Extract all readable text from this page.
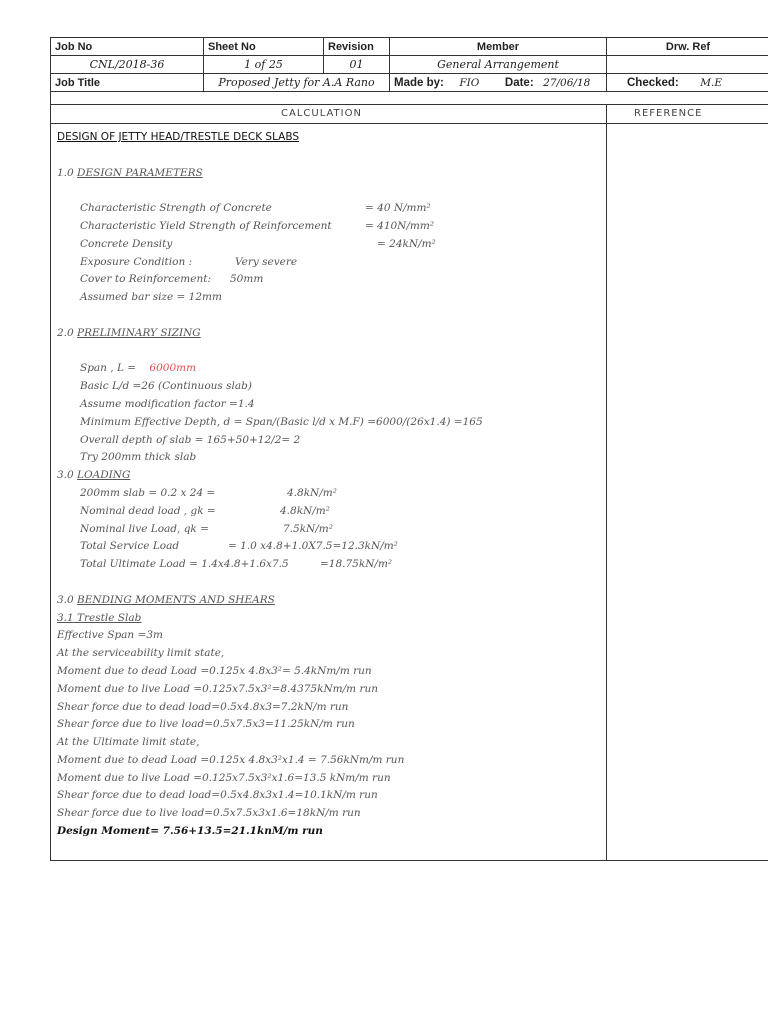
Job No	Sheet No	Revision	Member	Drw. Ref
CNL/2018-36	1 of 25	01	General Arrangement	
Job Title	Proposed Jetty for A.A Rano		Made by: FIO Date: 27/06/18	Checked: M.E
CALCULATION	REFERENCE
DESIGN OF JETTY HEAD/TRESTLE DECK SLABS
1.0 DESIGN PARAMETERS
Characteristic Strength of Concrete	= 40 N/mm²
Characteristic Yield Strength of Reinforcement	= 410N/mm²
Concrete Density	= 24kN/m²
Exposure Condition :	Very severe
Cover to Reinforcement: 50mm
Assumed bar size = 12mm
2.0 PRELIMINARY SIZING
Span , L = 6000mm
Basic L/d =26 (Continuous slab)
Assume modification factor =1.4
Minimum Effective Depth, d = Span/(Basic l/d x M.F) =6000/(26x1.4) =165
Overall depth of slab = 165+50+12/2= 2
Try 200mm thick slab
3.0 LOADING
200mm slab = 0.2 x 24 =	4.8kN/m²
Nominal dead load , gk =	4.8kN/m²
Nominal live Load, qk =	7.5kN/m²
Total Service Load	= 1.0 x4.8+1.0X7.5=12.3kN/m²
Total Ultimate Load = 1.4x4.8+1.6x7.5	=18.75kN/m²
3.0 BENDING MOMENTS AND SHEARS
3.1 Trestle Slab
Effective Span =3m
At the serviceability limit state,
Moment due to dead Load =0.125x 4.8x3²= 5.4kNm/m run
Moment due to live Load =0.125x7.5x3²=8.4375kNm/m run
Shear force due to dead load=0.5x4.8x3=7.2kN/m run
Shear force due to live load=0.5x7.5x3=11.25kN/m run
At the Ultimate limit state,
Moment due to dead Load =0.125x 4.8x3²x1.4 = 7.56kNm/m run
Moment due to live Load =0.125x7.5x3²x1.6=13.5 kNm/m run
Shear force due to dead load=0.5x4.8x3x1.4=10.1kN/m run
Shear force due to live load=0.5x7.5x3x1.6=18kN/m run
Design Moment= 7.56+13.5=21.1knM/m run
